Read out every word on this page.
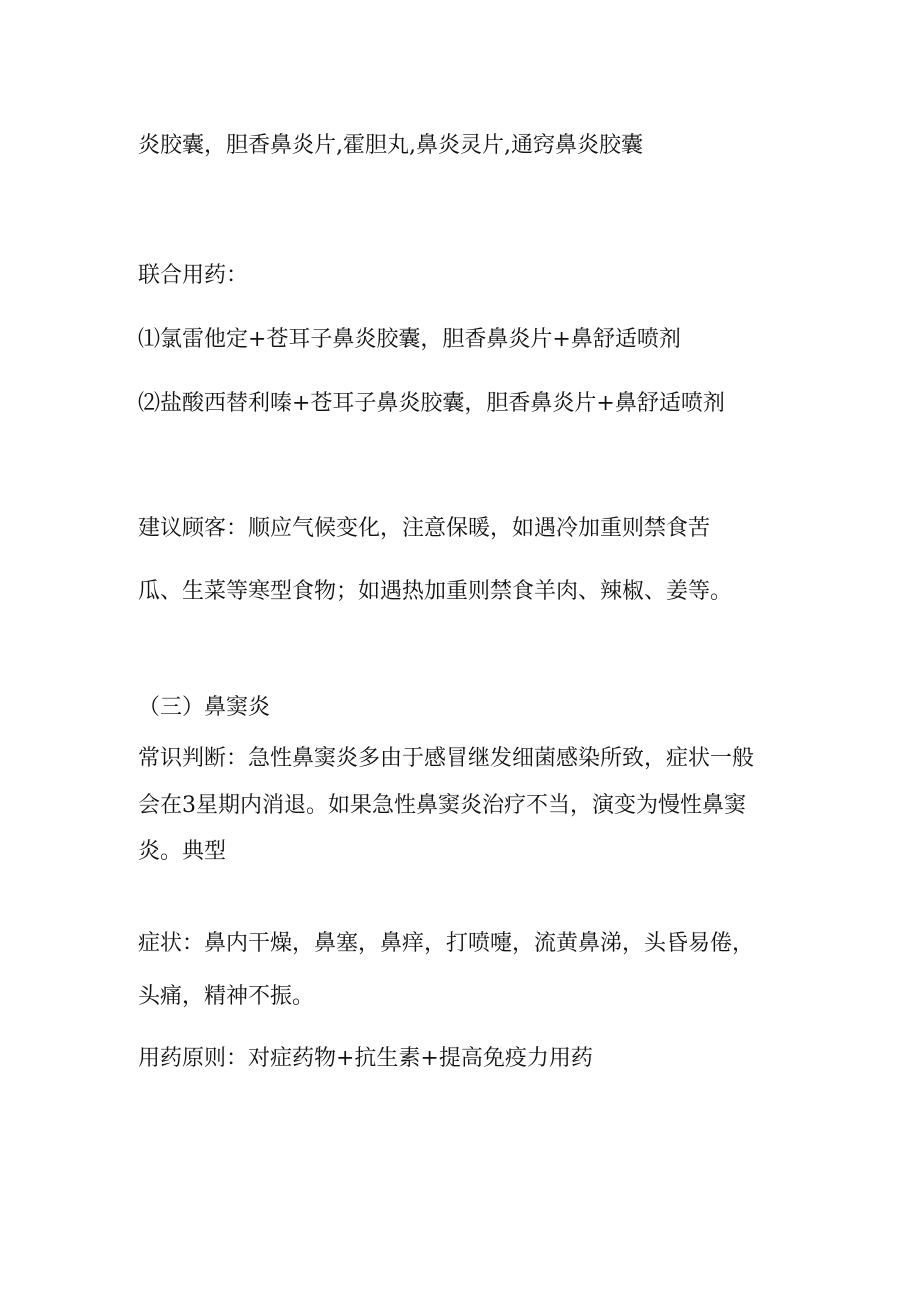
炎胶囊，胆香鼻炎片,霍胆丸,鼻炎灵片,通窍鼻炎胶囊

联合用药：

⑴氯雷他定+苍耳子鼻炎胶囊，胆香鼻炎片+鼻舒适喷剂

⑵盐酸西替利嗪+苍耳子鼻炎胶囊，胆香鼻炎片+鼻舒适喷剂

建议顾客：顺应气候变化，注意保暖，如遇冷加重则禁食苦

瓜、生菜等寒型食物；如遇热加重则禁食羊肉、辣椒、姜等。

（三）鼻窦炎

常识判断：急性鼻窦炎多由于感冒继发细菌感染所致，症状一般

会在3星期内消退。如果急性鼻窦炎治疗不当，演变为慢性鼻窦

炎。典型

症状：鼻内干燥，鼻塞，鼻痒，打喷嚏，流黄鼻涕，头昏易倦，

头痛，精神不振。

用药原则：对症药物+抗生素+提高免疫力用药
